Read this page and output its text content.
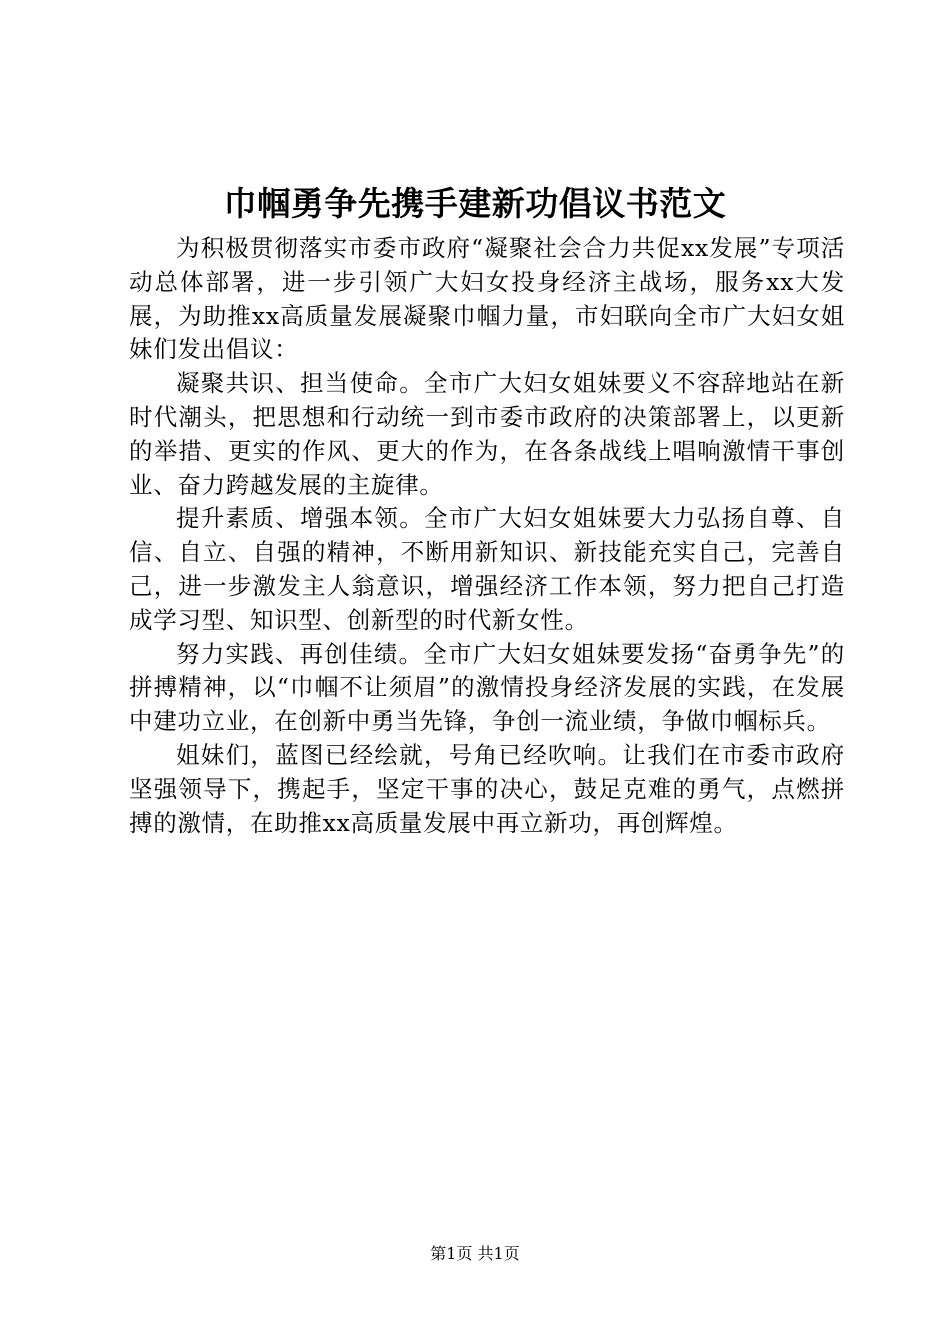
巾帼勇争先携手建新功倡议书范文

为积极贯彻落实市委市政府“凝聚社会合力共促xx发展”专项活动总体部署，进一步引领广大妇女投身经济主战场，服务xx大发展，为助推xx高质量发展凝聚巾帼力量，市妇联向全市广大妇女姐妹们发出倡议：

凝聚共识、担当使命。全市广大妇女姐妹要义不容辞地站在新时代潮头，把思想和行动统一到市委市政府的决策部署上，以更新的举措、更实的作风、更大的作为，在各条战线上唱响激情干事创业、奋力跨越发展的主旋律。

提升素质、增强本领。全市广大妇女姐妹要大力弘扬自尊、自信、自立、自强的精神，不断用新知识、新技能充实自己，完善自己，进一步激发主人翁意识，增强经济工作本领，努力把自己打造成学习型、知识型、创新型的时代新女性。

努力实践、再创佳绩。全市广大妇女姐妹要发扬“奋勇争先”的拼搏精神，以“巾帼不让须眉”的激情投身经济发展的实践，在发展中建功立业，在创新中勇当先锋，争创一流业绩，争做巾帼标兵。

姐妹们，蓝图已经绘就，号角已经吹响。让我们在市委市政府坚强领导下，携起手，坚定干事的决心，鼓足克难的勇气，点燃拼搏的激情，在助推xx高质量发展中再立新功，再创辉煌。

第1页 共1页
